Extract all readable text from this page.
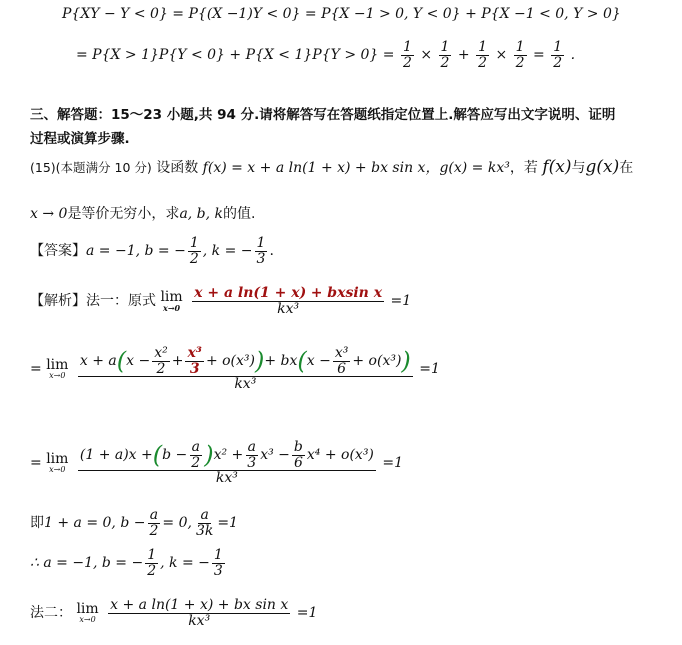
P{XY − Y < 0} = P{(X −1)Y < 0} = P{X −1 > 0, Y < 0} + P{X −1 < 0, Y > 0}
= $P\{X > 1\}P\{Y < 0\} + P\{X < 1\}P\{Y > 0\} = \frac{1}{2} \times \frac{1}{2} + \frac{1}{2} \times \frac{1}{2} = \frac{1}{2}$ .
三、解答题：15～23 小题,共 94 分.请将解答写在答题纸指定位置上.解答应写出文字说明、证明
过程或演算步骤.
(15)(本题满分 10 分) 设函数 f(x) = x + a ln(1 + x) + bx sin x，g(x) = kx³，若 f(x)与g(x)在
x → 0是等价无穷小，求a, b, k的值.
【答案】a = −1, b = − $\frac{1}{2}$ , k = − $\frac{1}{3}$ .
【解析】法一：原式 lim
x→0
$\frac{\text{x + a ln(1 + x) + bxsin x}}{\text{kx³}} =1$
= lim
x→0
$\frac{x + a(x - \frac{\text{x²}}{2} + \frac{\text{x³}}{3} + o(x^3))+ bx(x - \frac{\text{x³}}{6} + o(x^3))}{\text{kx³}} =1$
= lim
x→0
$\frac{(1 + a)x +(b - \frac{a}{2} )x^2 + \frac{a}{3} x^3 - \frac{b}{6} x^4 + o(x^3)}{\text{kx³}} =1$
即1 + a = 0, $b - \frac{a}{2} = 0$, $\frac{a}{3k} =1$
∴ a = −1, b = − $\frac{1}{2}$ , k = − $\frac{1}{3}$
法二： lim
x→0
$\frac{\text{x + a ln(1 + x) + bx sin x}}{\text{kx³}} =1$
